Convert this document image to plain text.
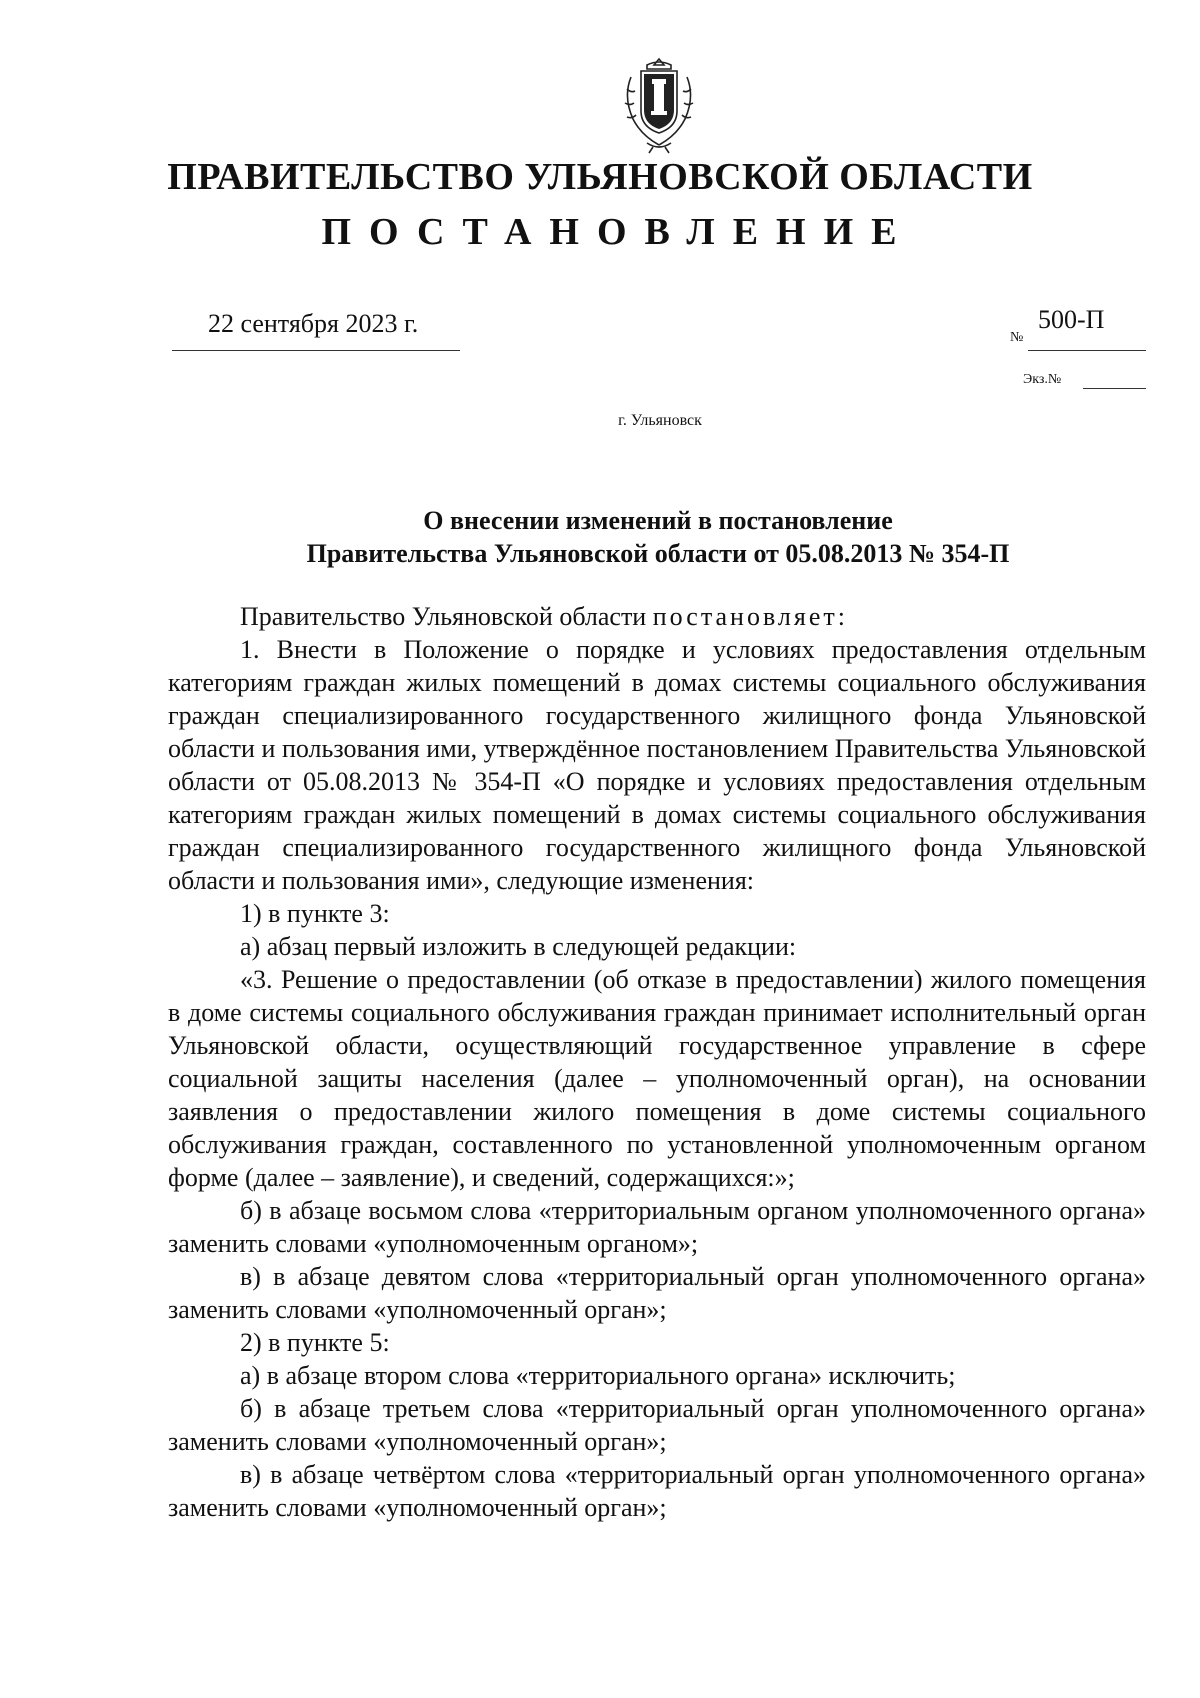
ПРАВИТЕЛЬСТВО УЛЬЯНОВСКОЙ ОБЛАСТИ
ПОСТАНОВЛЕНИЕ
22 сентября 2023 г.	№
500-П
Экз.№
г. Ульяновск
О внесении изменений в постановление
Правительства Ульяновской области от 05.08.2013 № 354-П

Правительство Ульяновской области постановляет:

1. Внести в Положение о порядке и условиях предоставления отдельным категориям граждан жилых помещений в домах системы социального обслуживания граждан специализированного государственного жилищного фонда Ульяновской области и пользования ими, утверждённое постановлением Правительства Ульяновской области от 05.08.2013 № 354-П «О порядке и условиях предоставления отдельным категориям граждан жилых помещений в домах системы социального обслуживания граждан специализированного государственного жилищного фонда Ульяновской области и пользования ими», следующие изменения:

1) в пункте 3:

а) абзац первый изложить в следующей редакции:

«3. Решение о предоставлении (об отказе в предоставлении) жилого помещения в доме системы социального обслуживания граждан принимает исполнительный орган Ульяновской области, осуществляющий государственное управление в сфере социальной защиты населения (далее – уполномоченный орган), на основании заявления о предоставлении жилого помещения в доме системы социального обслуживания граждан, составленного по установленной уполномоченным органом форме (далее – заявление), и сведений, содержащихся:»;

б) в абзаце восьмом слова «территориальным органом уполномоченного органа» заменить словами «уполномоченным органом»;

в) в абзаце девятом слова «территориальный орган уполномоченного органа» заменить словами «уполномоченный орган»;

2) в пункте 5:

а) в абзаце втором слова «территориального органа» исключить;

б) в абзаце третьем слова «территориальный орган уполномоченного органа» заменить словами «уполномоченный орган»;

в) в абзаце четвёртом слова «территориальный орган уполномоченного органа» заменить словами «уполномоченный орган»;
